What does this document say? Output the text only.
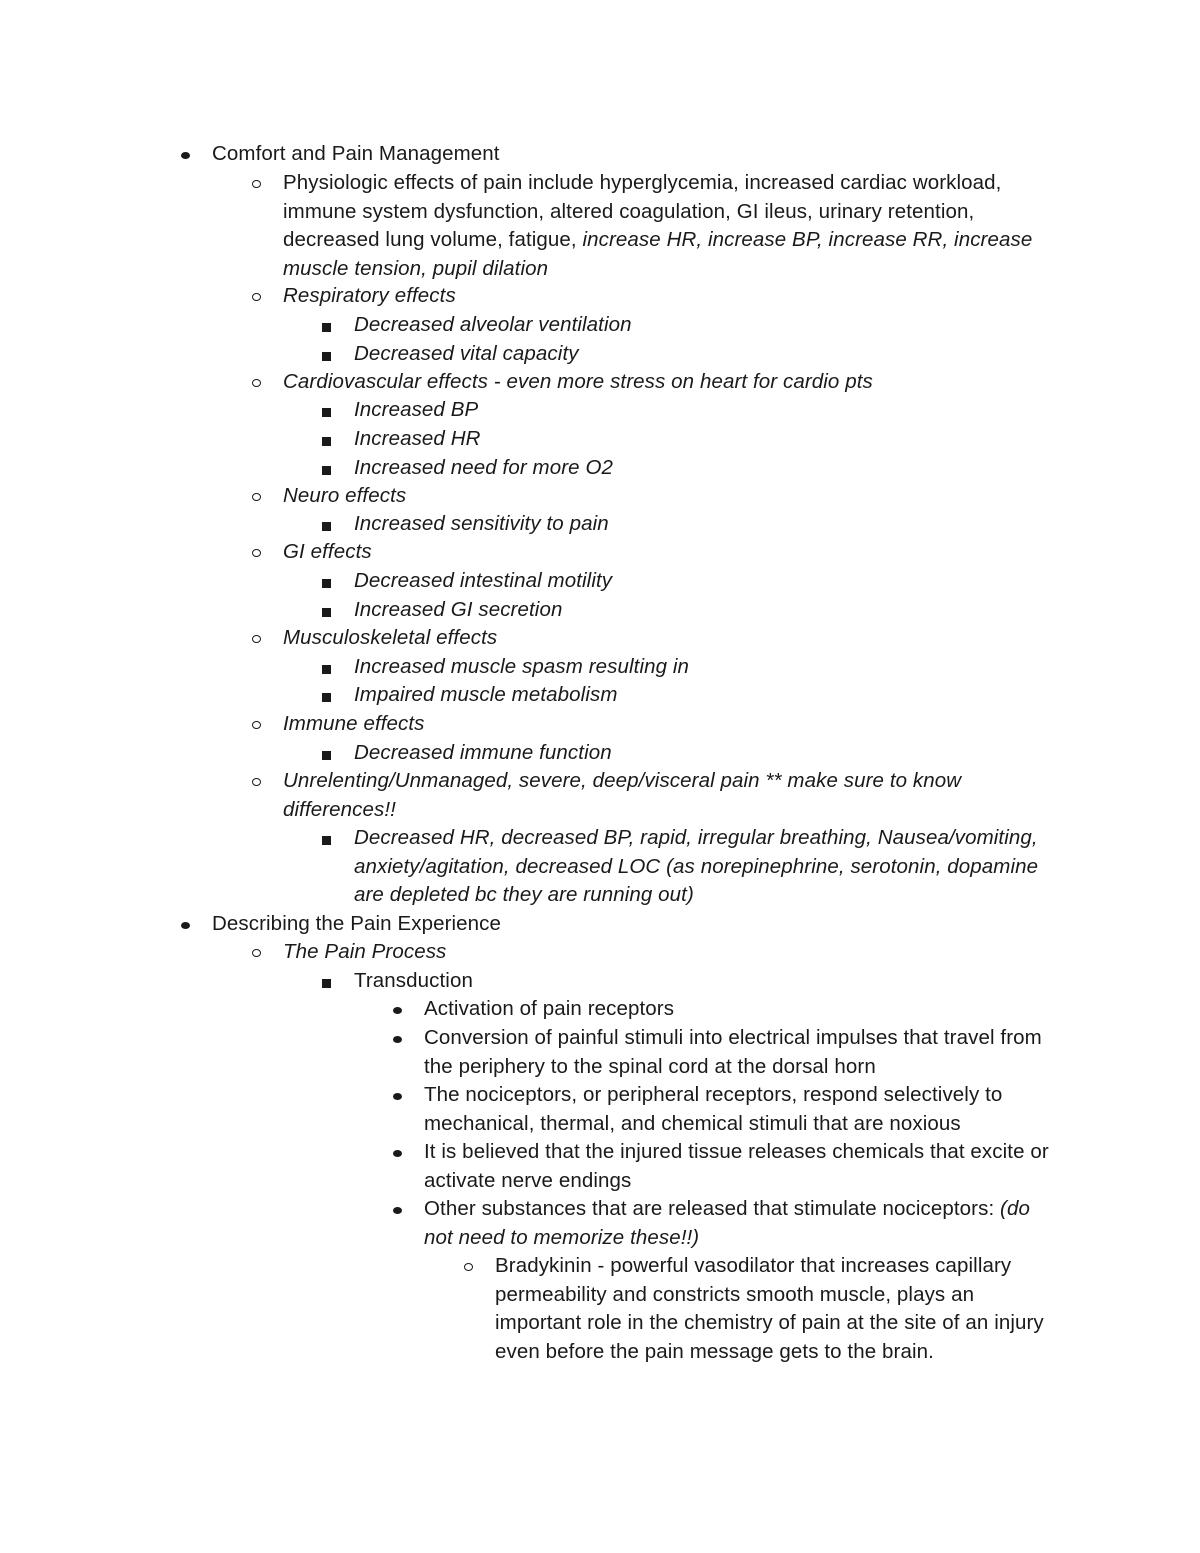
Comfort and Pain Management
Physiologic effects of pain include hyperglycemia, increased cardiac workload, immune system dysfunction, altered coagulation, GI ileus, urinary retention, decreased lung volume, fatigue, increase HR, increase BP, increase RR, increase muscle tension, pupil dilation
Respiratory effects
Decreased alveolar ventilation
Decreased vital capacity
Cardiovascular effects - even more stress on heart for cardio pts
Increased BP
Increased HR
Increased need for more O2
Neuro effects
Increased sensitivity to pain
GI effects
Decreased intestinal motility
Increased GI secretion
Musculoskeletal effects
Increased muscle spasm resulting in
Impaired muscle metabolism
Immune effects
Decreased immune function
Unrelenting/Unmanaged, severe, deep/visceral pain ** make sure to know differences!!
Decreased HR, decreased BP, rapid, irregular breathing, Nausea/vomiting, anxiety/agitation, decreased LOC (as norepinephrine, serotonin, dopamine are depleted bc they are running out)
Describing the Pain Experience
The Pain Process
Transduction
Activation of pain receptors
Conversion of painful stimuli into electrical impulses that travel from the periphery to the spinal cord at the dorsal horn
The nociceptors, or peripheral receptors, respond selectively to mechanical, thermal, and chemical stimuli that are noxious
It is believed that the injured tissue releases chemicals that excite or activate nerve endings
Other substances that are released that stimulate nociceptors: (do not need to memorize these!!)
Bradykinin - powerful vasodilator that increases capillary permeability and constricts smooth muscle, plays an important role in the chemistry of pain at the site of an injury even before the pain message gets to the brain.
